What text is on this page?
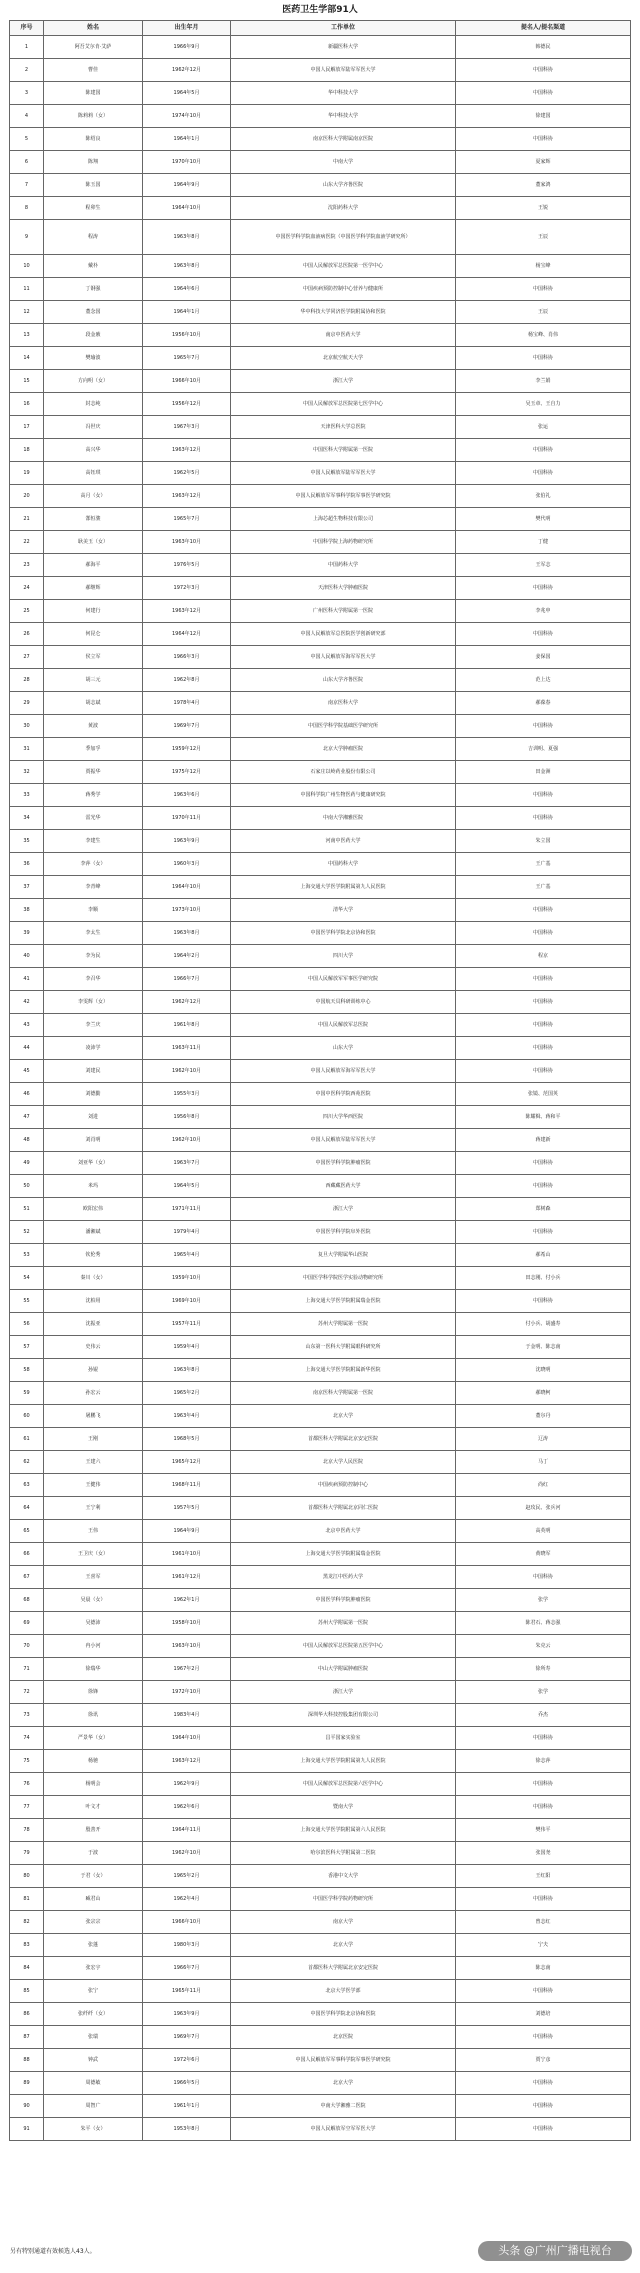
医药卫生学部91人
序号	姓名	出生年月	工作单位	提名人/提名渠道
1	阿吾艾尔肯·艾萨	1966年9月	新疆医科大学	韩德民
2	曹佳	1962年12月	中国人民解放军陆军军医大学	中国科协
3	陈建国	1964年5月	华中科技大学	中国科协
4	陈莉莉（女）	1974年10月	华中科技大学	徐建国
5	陈绍良	1964年1月	南京医科大学附属南京医院	中国科协
6	陈翔	1970年10月	中南大学	夏家辉
7	陈玉国	1964年9月	山东大学齐鲁医院	董家鸿
8	程卯生	1964年10月	沈阳药科大学	王锐
9	程涛	1963年8月	中国医学科学院血液病医院（中国医学科学院血液学研究所）	王辰
10	戴朴	1963年8月	中国人民解放军总医院第一医学中心	杨宝峰
11	丁钢强	1964年6月	中国疾病预防控制中心营养与健康所	中国科协
12	董念国	1964年1月	华中科技大学同济医学院附属协和医院	王辰
13	段金廒	1956年10月	南京中医药大学	杨宝峰、肖伟
14	樊瑜波	1965年7月	北京航空航天大学	中国科协
15	方向明（女）	1966年10月	浙江大学	李兰娟
16	封志纯	1956年12月	中国人民解放军总医院第七医学中心	吴玉章、王自力
17	冯世庆	1967年3月	天津医科大学总医院	张运
18	高兴华	1963年12月	中国医科大学附属第一医院	中国科协
19	高钰琪	1962年5月	中国人民解放军陆军军医大学	中国科协
20	高月（女）	1963年12月	中国人民解放军军事科学院军事医学研究院	张伯礼
21	郜恒骏	1965年7月	上海芯超生物科技有限公司	樊代明
22	耿美玉（女）	1963年10月	中国科学院上海药物研究所	丁健
23	郝海平	1976年5月	中国药科大学	王军志
24	郝继辉	1972年3月	天津医科大学肿瘤医院	中国科协
25	何建行	1963年12月	广州医科大学附属第一医院	李兆申
26	何昆仑	1964年12月	中国人民解放军总医院医学创新研究部	中国科协
27	侯立军	1966年3月	中国人民解放军海军军医大学	姜保国
28	胡三元	1962年8月	山东大学齐鲁医院	范上达
29	胡志斌	1978年4月	南京医科大学	郝葆春
30	黄波	1969年7月	中国医学科学院基础医学研究所	中国科协
31	季加孚	1959年12月	北京大学肿瘤医院	吉训明、夏强
32	贾振华	1975年12月	石家庄以岭药业股份有限公司	田金洲
33	蒋秀学	1963年6月	中国科学院广州生物医药与健康研究院	中国科协
34	雷光华	1970年11月	中南大学湘雅医院	中国科协
35	李建生	1963年9月	河南中医药大学	朱立国
36	李萍（女）	1960年3月	中国药科大学	王广基
37	李青峰	1964年10月	上海交通大学医学院附属第九人民医院	王广基
38	李顺	1973年10月	清华大学	中国科协
39	李太生	1963年8月	中国医学科学院北京协和医院	中国科协
40	李为民	1964年2月	四川大学	程京
41	李召华	1966年7月	中国人民解放军军事医学研究院	中国科协
42	李雯辉（女）	1962年12月	中国航天员科研训练中心	中国科协
43	李兰庆	1961年8月	中国人民解放军总医院	中国科协
44	凌沛学	1963年11月	山东大学	中国科协
45	刘建民	1962年10月	中国人民解放军海军军医大学	中国科协
46	刘德勤	1955年3月	中国中医科学院西苑医院	张镜、范国英
47	刘进	1956年8月	四川大学华西医院	陈耀楫、蒋和平
48	刘肖明	1962年10月	中国人民解放军陆军军医大学	蒋建新
49	刘亚华（女）	1963年7月	中国医学科学院肿瘤医院	中国科协
50	米玛	1964年5月	西藏藏医药大学	中国科协
51	欧阳宏伟	1971年11月	浙江大学	郑树森
52	潘湘斌	1979年4月	中国医学科学院阜外医院	中国科协
53	钦伦秀	1965年4月	复旦大学附属华山医院	郝希山
54	秦川（女）	1959年10月	中国医学科学院医学实验动物研究所	田志刚、付小兵
55	沈柏用	1969年10月	上海交通大学医学院附属瑞金医院	中国科协
56	沈振亚	1957年11月	苏州大学附属第一医院	付小兵、胡盛寿
57	史伟云	1959年4月	山东第一医科大学附属眼科研究所	于金明、陈志南
58	孙锟	1963年8月	上海交通大学医学院附属新华医院	沈晓明
59	孙宏云	1965年2月	南京医科大学附属第一医院	郝晓柯
60	屠鹏飞	1963年4月	北京大学	董尔丹
61	王刚	1968年5月	首都医科大学附属北京安定医院	辽涛
62	王建六	1965年12月	北京大学人民医院	马丁
63	王健伟	1968年11月	中国疾病预防控制中心	尚红
64	王宁利	1957年5月	首都医科大学附属北京同仁医院	赵玫民、张兵河
65	王伟	1964年9月	北京中医药大学	高英明
66	王卫庆（女）	1961年10月	上海交通大学医学院附属瑞金医院	黄晓军
67	王喜军	1961年12月	黑龙江中医药大学	中国科协
68	吴晨（女）	1962年1月	中国医学科学院肿瘤医院	张学
69	吴德沛	1958年10月	苏州大学附属第一医院	陈君石、蒋志强
70	冉小河	1963年10月	中国人民解放军总医院第五医学中心	朱克云
71	徐瑞华	1967年2月	中山大学附属肿瘤医院	徐所寿
72	徐锋	1972年10月	浙江大学	张学
73	徐讯	1983年4月	深圳华大科技控股集团有限公司	乔杰
74	严景华（女）	1964年10月	昌平国家实验室	中国科协
75	杨驰	1963年12月	上海交通大学医学院附属第九人民医院	徐志萍
76	杨明会	1962年9月	中国人民解放军总医院第六医学中心	中国科协
77	叶文才	1962年6月	暨南大学	中国科协
78	殷善开	1964年11月	上海交通大学医学院附属第六人民医院	樊伟平
79	于波	1962年10月	哈尔滨医科大学附属第二医院	张国尧
80	于君（女）	1965年2月	香港中文大学	王红阳
81	臧君山	1962年4月	中国医学科学院药物研究所	中国科协
82	张宗宗	1966年10月	南京大学	曾志红
83	张蓬	1980年3月	北京大学	宁夫
84	张宏宇	1966年7月	首都医科大学附属北京安定医院	陈志南
85	张宁	1965年11月	北京大学医学部	中国科协
86	张纤纤（女）	1963年9月	中国医学科学院北京协和医院	刘德培
87	张瑞	1969年7月	北京医院	中国科协
88	钟武	1972年6月	中国人民解放军军事科学院军事医学研究院	贾宁彦
89	周德敏	1966年5月	北京大学	中国科协
90	周智广	1961年1月	中南大学湘雅二医院	中国科协
91	朱平（女）	1953年8月	中国人民解放军空军军医大学	中国科协
另有特别通道有效候选人43人。	头条 @广州广播电视台
